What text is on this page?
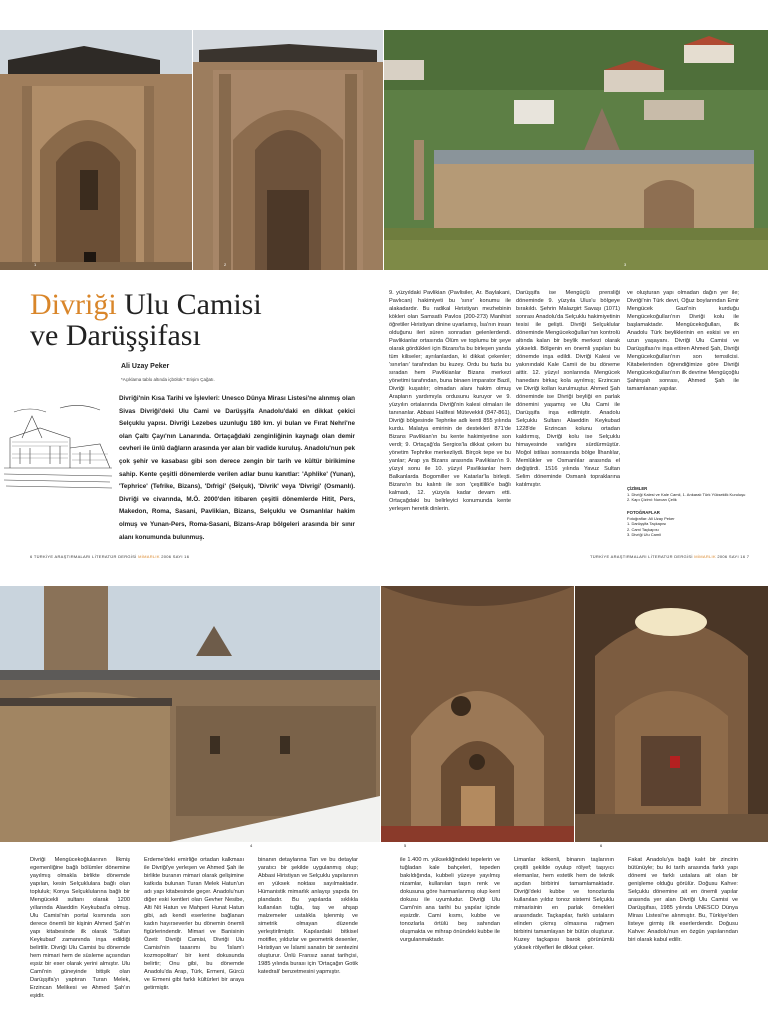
1	2	3
Divriği Ulu Camisi
ve Darüşşifası
Ali Uzay Peker
*Açıklama tablo altında içbölük:* Erişim Çağatı.
Divriği'nin Kısa Tarihi ve İşlevleri: Unesco Dünya Mirası Listesi'ne alınmış olan Sivas Divriği'deki Ulu Cami ve Darüşşifa Anadolu'daki en dikkat çekici Selçuklu yapısı. Divriği Lezebes uzunluğu 180 km. yi bulan ve Fırat Nehri'ne olan Çaltı Çayı'nın Lanarında. Ortaçağdaki zenginliğinin kaynağı olan demir cevheri ile ünlü dağların arasında yer alan bir vadide kuruluş. Anadolu'nun pek çok şehir ve kasabası gibi son derece zengin bir tarih ve kültür birikimine sahip. Kente çeşitli dönemlerde verilen adlar bunu kanıtlar: 'Aphlike' (Yunan), 'Tephrice' (Tefrike, Bizans), 'Dıfrigi' (Selçuk), 'Divrik' veya 'Divrigi' (Osmanlı). Divriği ve civarında, M.Ö. 2000'den itibaren çeşitli dönemlerde Hitit, Pers, Makedon, Roma, Sasani, Pavlikian, Bizans, Selçuklu ve Osmanlılar hakim olmuş ve Yunan-Pers, Roma-Sasani, Bizans-Arap bölgeleri arasında bir sınır alanı konumunda bulunmuş.

9. yüzyıldaki Pavlikian (Pavlisiler, Ar. Baylakani, Pavlıcan) hakimiyeti bu 'sınır' konumu ile alakadardır. Bu radikal Hıristiyan mezhebinin kökleri olan Samsatlı Pavlos (200-273) Manihist öğretiler Hıristiyan dinine uyarlamış, İsa'nın insan olduğunu ileri süren sonradan gelenlerdendi. Pavlikianlar ortasında Ölüm ve toplumu bir şeye olarak gördükleri için Bizans'ta bu birleşen yanda tüm kiliseler; ayrılanlardan, ki dikkat çekenler; 'sınırları' tarafından bu kuzey. Ordu bu fazla bu sıradan hem Pavlikianlar Bizans merkezi yönetimi tarafından, buna binaen imparator Bazil, Divriği kuşatılır; olmadan alanı hakim olmuş Arapların yardımıyla ordusunu kuruyor ve 9. yüzyılın ortalarında Divriği'nin kalesi olmaları ile tanınanlar. Abbasi Halifesi Mütevekkil (847-861), Divriği bölgesinde Tephrike adlı kenti 855 yılında kurdu. Malatya emirinin de destekleri 871'de Bizans Pavlikian'ın bu kente hakimiyetine son verdi; 9. Ortaçağ'da Sergios'la dikkat çeken bu yönetim Tephrike merkezliydi. Birçok tepe ve bu yanlar; Arap ya Bizans arasında Pavlikian'ın 9. yüzyıl sonu ile 10. yüzyıl Pavlikianlar hem Balkanlarda Bogomiller ve Katarlar'la birleşti. Bizans'ın bu kalıntı ile son 'çeşitlilik'e bağlı kalmadı, 12. yüzyıla kadar devam etti. Ortaçağdaki bu belirleyici konumunda kente yerleşen heretik dinlerin.

Darüşşifa ise Mengüçlü prensliği döneminde 9. yüzyıla Ulus'u bölgeye bırakıldı. Şehrin Malazgirt Savaşı (1071) sonrası Anadolu'da Selçuklu hakimiyetinin tesisi ile gelişti. Divriği Selçuklular döneminde Mengücekoğulları'nın kontrolü altında kalan bir beylik merkezi olarak yükseldi. Bölgenin en önemli yapıları bu dönemde inşa edildi. Divriği Kalesi ve yakınındaki Kale Camii de bu döneme aittir. 12. yüzyıl sonlarında Mengücek hanedanı birkaç kola ayrılmış; Erzincan ve Divriği kolları kurulmuştur. Ahmed Şah döneminde ise Divriği beyliği en parlak dönemini yaşamış ve Ulu Cami ile Darüşşifa inşa edilmiştir. Anadolu Selçuklu Sultanı Alaeddin Keykubad 1228'de Erzincan kolunu ortadan kaldırmış, Divriği kolu ise Selçuklu himayesinde varlığını sürdürmüştür. Moğol istilası sonrasında bölge İlhanlılar, Memlükler ve Osmanlılar arasında el değiştirdi. 1516 yılında Yavuz Sultan Selim döneminde Osmanlı topraklarına katılmıştır.

ve oluşturan yapı olmadan dağın yer ile; Divriği'nin Türk devri, Oğuz boylarından Emir Mengücek Gazi'nin kurduğu Mengücekoğulları'nın Divriği kolu ile başlamaktadır. Mengücekoğulları, ilk Anadolu Türk beyliklerinin en eskisi ve en uzun yaşayanı. Divriği Ulu Camisi ve Darüşşifası'nı inşa ettiren Ahmed Şah, Divriği Mengücekoğulları'nın son temsilcisi. Kitabelerinden öğrendiğimize göre Divriği Mengücekoğulları'nın ilk devrine Mengüçoğlu Şahinşah sonrası, Ahmed Şah ile tamamlanan yapılar.

ÇİZİMLER
1. Divriği Kalesi ve Kale Camii, 1. Ankaralı Türk Yükseklik Kuruluşu
2. Kapı Çizimi: Nurcan Çelik
FOTOĞRAFLAR
Fotoğraflar: Ali Uzay Peker
1. Darüşşifa Taçkapısı
2. Cami Taçkapısı
3. Divriği Ulu Camii
6 TÜRKİYE ARAŞTIRMALARI LİTERATÜR DERGİSİ MİMARLIK 2006 SAYI 16	TÜRKİYE ARAŞTIRMALARI LİTERATÜR DERGİSİ MİMARLIK 2006 SAYI 16 7
4	5	6

Divriği Mengücekoğlularının İlkmiş egemenliğine bağlı bölümler dönemine yayılmış olmakla birlikte dönemde yapılan, kesin Selçuklulara bağlı olan topluluk; Konya Selçuklularına bağlı bir Mengücekli sultanı olarak 1200 yıllarında Alaeddin Keykubad'a olmuş. Ulu Camisi'nin portal kısmında son derece önemli bir kişinin Ahmed Şah'ın yapı kitabesinde ilk olarak 'Sultan Keykubad' zamanında inşa edildiği belirtilir. Divriği Ulu Camisi bu dönemde hem mimari hem de süsleme açısından eşsiz bir eser olarak yerini almıştır. Ulu Cami'nin güneyinde bitişik olan Darüşşifa'yı yaptıran Turan Melek, Erzincan Melikesi ve Ahmed Şah'ın eşidir.

Erdeme'deki emirliğe ortadan kalkması ile Divriği'ye yerleşen ve Ahmed Şah ile birlikte buranın mimari olarak gelişimine katkıda bulunan Turan Melek Hatun'un adı yapı kitabesinde geçer. Anadolu'nun diğer eski kentleri olan Gevher Nesibe, Alti Nit Hatun ve Mahperi Hunat Hatun gibi, adı kendi eserlerine bağlanan kadın hayırseverler bu dönemin önemli figürlerindendir. Mimari ve Banisinin Özeti: Divriği Camisi, Divriği Ulu Camisi'nin tasarımı bu 'İslam'ı kozmopolitan' bir kent dokusunda belirtir; Onu gibi, bu dönemde Anadolu'da Arap, Türk, Ermeni, Gürcü ve Ermeni gibi farklı kültürleri bir araya getirmiştir.

binanın detaylarına Tan ve bu detaylar yaratıcı bir şekilde uygulanmış olup; Abbasi Hiristiyan ve Selçuklu yapılarının en yüksek noktası sayılmaktadır. Hümanistik mimarlık anlayışı yapıda ön plandadır. Bu yapılarda sıklıkla kullanılan tuğla, taş ve ahşap malzemeler ustalıkla işlenmiş ve simetrik olmayan düzende yerleştirilmiştir. Kapılardaki bitkisel motifler, yıldızlar ve geometrik desenler, Hıristiyan ve İslami sanatın bir sentezini oluşturur. Ünlü Fransız sanat tarihçisi, 1985 yılında burası için 'Ortaçağın Gotik katedrali' benzetmesini yapmıştır.

ile 1.400 m. yüksekliğindeki tepelerin ve tuğladan kale bahçeleri, tepeden bakıldığında, kubbeli yüzeye yayılmış nizamlar, kullanılan taşın renk ve dokusuna göre harmanlanmış olup kent dokusu ile uyumludur. Divriği Ulu Cami'nin ana tarihi bu yapılar içinde eşsizdir. Cami kısmı, kubbe ve tonozlarla örtülü beş sahından oluşmakta ve mihrap önündeki kubbe ile vurgulanmaktadır.

Limanlar kökenli, binanın taşlarının çeşitli şekilde oyulup rölyef; taşıyıcı elemanlar, hem estetik hem de teknik açıdan birbirini tamamlamaktadır. Divriği'deki kubbe ve tonozlarda kullanılan yıldız tonoz sistemi Selçuklu mimarisinin en parlak örnekleri arasındadır. Taçkapılar, farklı ustaların elinden çıkmış olmasına rağmen birbirini tamamlayan bir bütün oluşturur. Kuzey taçkapısı barok görünümlü yüksek rölyefleri ile dikkat çeker.

Fakat Anadolu'ya bağlı kalıt bir zincirin bütünüyle; bu iki tarih arasında farklı yapı dönemi ve farklı ustalara ait olan bir genişleme olduğu görülür. Doğusu Kahve: Selçuklu dönemine ait en önemli yapılar arasında yer alan Divriği Ulu Camisi ve Darüşşifası, 1985 yılında UNESCO Dünya Mirası Listesi'ne alınmıştır. Bu, Türkiye'den listeye girmiş ilk eserlerdendir. Doğusu Kahve: Anadolu'nun en özgün yapılarından biri olarak kabul edilir.
